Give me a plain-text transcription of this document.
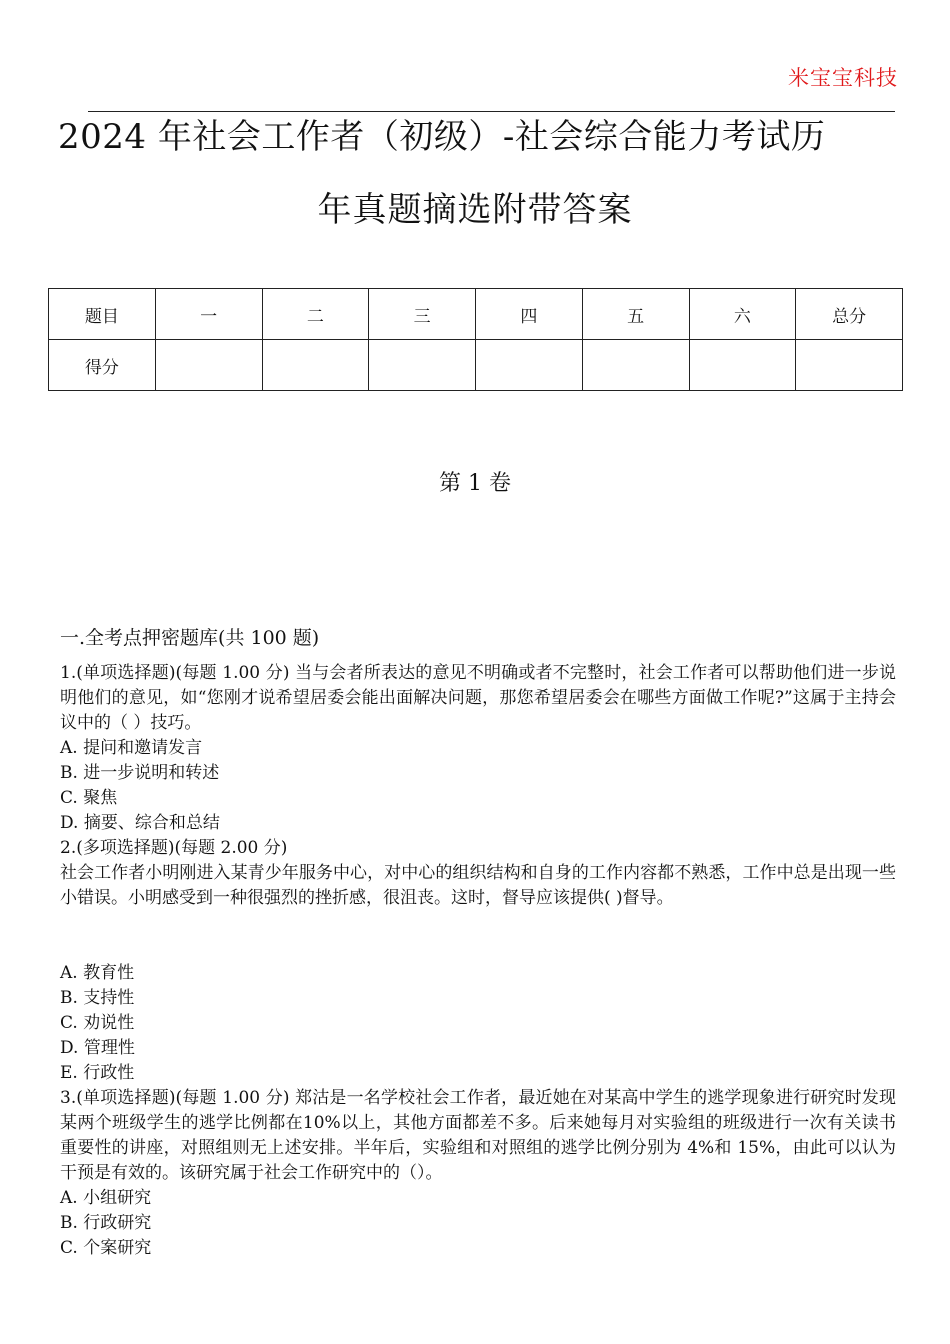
米宝宝科技
2024 年社会工作者（初级）-社会综合能力考试历
年真题摘选附带答案
题目	一	二	三	四	五	六	总分
得分							
第 1 卷
一.全考点押密题库(共 100 题)

1.(单项选择题)(每题 1.00 分) 当与会者所表达的意见不明确或者不完整时，社会工作者可以帮助他们进一步说明他们的意见，如“您刚才说希望居委会能出面解决问题，那您希望居委会在哪些方面做工作呢?”这属于主持会议中的（ ）技巧。

A. 提问和邀请发言

B. 进一步说明和转述

C. 聚焦

D. 摘要、综合和总结

2.(多项选择题)(每题 2.00 分)

社会工作者小明刚进入某青少年服务中心，对中心的组织结构和自身的工作内容都不熟悉，工作中总是出现一些小错误。小明感受到一种很强烈的挫折感，很沮丧。这时，督导应该提供( )督导。

A. 教育性

B. 支持性

C. 劝说性

D. 管理性

E. 行政性

3.(单项选择题)(每题 1.00 分) 郑沽是一名学校社会工作者，最近她在对某高中学生的逃学现象进行研究时发现某两个班级学生的逃学比例都在10%以上，其他方面都差不多。后来她每月对实验组的班级进行一次有关读书重要性的讲座，对照组则无上述安排。半年后，实验组和对照组的逃学比例分别为 4%和 15%，由此可以认为干预是有效的。该研究属于社会工作研究中的（）。

A. 小组研究

B. 行政研究

C. 个案研究
